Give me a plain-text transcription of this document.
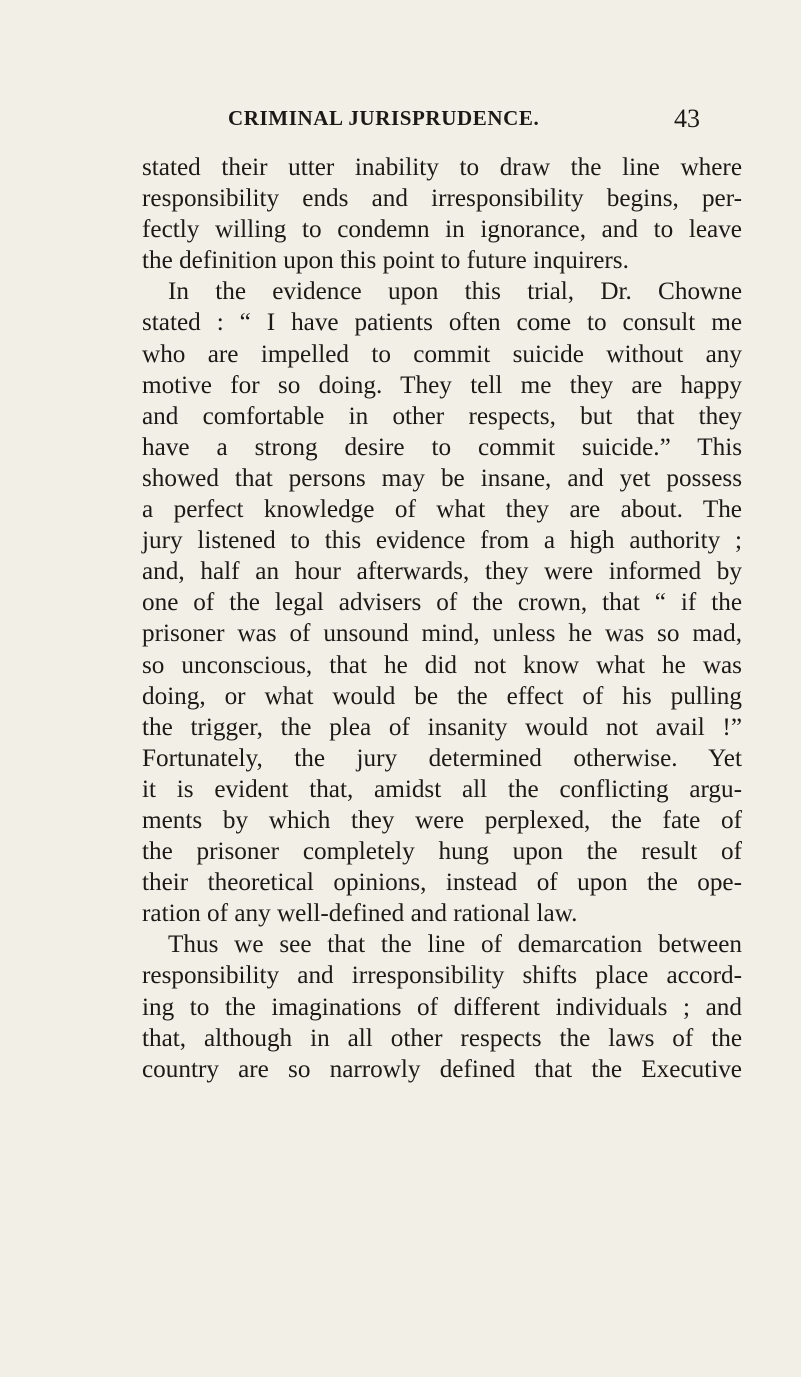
CRIMINAL JURISPRUDENCE.	43
stated their utter inability to draw the line where
responsibility ends and irresponsibility begins, per-
fectly willing to condemn in ignorance, and to leave
the definition upon this point to future inquirers.
In the evidence upon this trial, Dr. Chowne
stated : “ I have patients often come to consult me
who are impelled to commit suicide without any
motive for so doing. They tell me they are happy
and comfortable in other respects, but that they
have a strong desire to commit suicide.” This
showed that persons may be insane, and yet possess
a perfect knowledge of what they are about. The
jury listened to this evidence from a high authority ;
and, half an hour afterwards, they were informed by
one of the legal advisers of the crown, that “ if the
prisoner was of unsound mind, unless he was so mad,
so unconscious, that he did not know what he was
doing, or what would be the effect of his pulling
the trigger, the plea of insanity would not avail !”
Fortunately, the jury determined otherwise. Yet
it is evident that, amidst all the conflicting argu-
ments by which they were perplexed, the fate of
the prisoner completely hung upon the result of
their theoretical opinions, instead of upon the ope-
ration of any well-defined and rational law.
Thus we see that the line of demarcation between
responsibility and irresponsibility shifts place accord-
ing to the imaginations of different individuals ; and
that, although in all other respects the laws of the
country are so narrowly defined that the Executive
